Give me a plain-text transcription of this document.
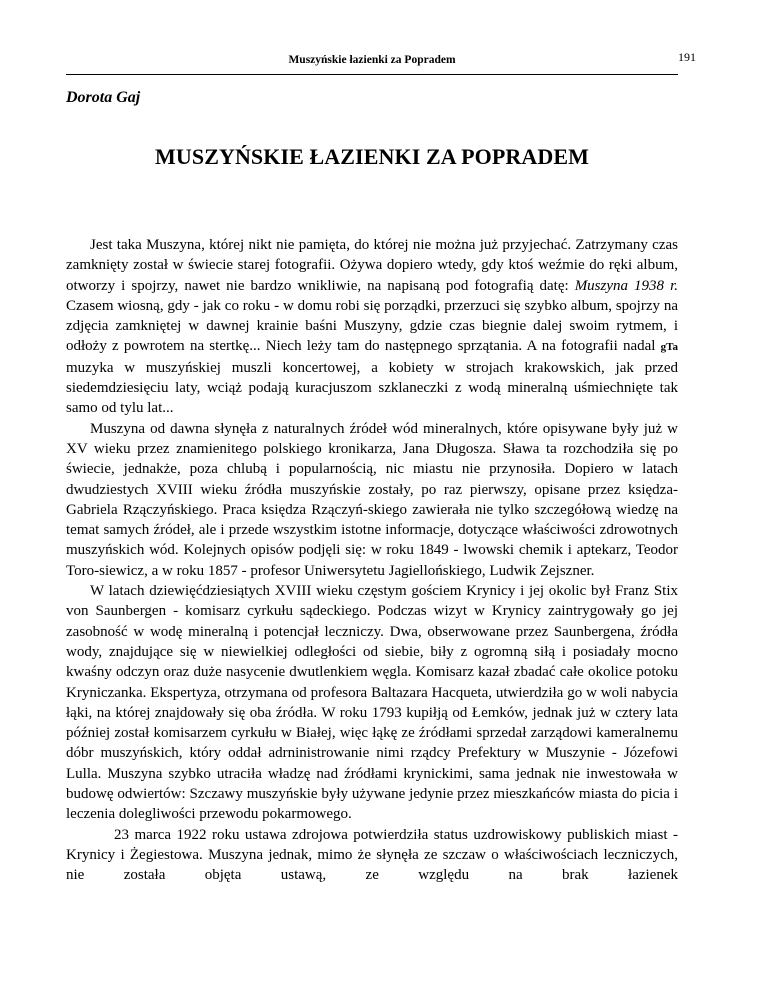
Muszyńskie łazienki za Popradem	191
Dorota Gaj
MUSZYŃSKIE ŁAZIENKI ZA POPRADEM

Jest taka Muszyna, której nikt nie pamięta, do której nie można już przyjechać. Zatrzymany czas zamknięty został w świecie starej fotografii. Ożywa dopiero wtedy, gdy ktoś weźmie do ręki album, otworzy i spojrzy, nawet nie bardzo wnikliwie, na napisaną pod fotografią datę: Muszyna 1938 r. Czasem wiosną, gdy - jak co roku - w domu robi się porządki, przerzuci się szybko album, spojrzy na zdjęcia zamkniętej w dawnej krainie baśni Muszyny, gdzie czas biegnie dalej swoim rytmem, i odłoży z powrotem na stertkę... Niech leży tam do następnego sprzątania. A na fotografii nadal gTa muzyka w muszyńskiej muszli koncertowej, a kobiety w strojach krakowskich, jak przed siedemdziesięciu laty, wciąż podają kuracjuszom szklaneczki z wodą mineralną uśmiechnięte tak samo od tylu lat...

Muszyna od dawna słynęła z naturalnych źródeł wód mineralnych, które opisywane były już w XV wieku przez znamienitego polskiego kronikarza, Jana Długosza. Sława ta rozchodziła się po świecie, jednakże, poza chlubą i popularnością, nic miastu nie przynosiła. Dopiero w latach dwudziestych XVIII wieku źródła muszyńskie zostały, po raz pierwszy, opisane przez księdza-Gabriela Rzączyńskiego. Praca księdza Rzączyń-skiego zawierała nie tylko szczegółową wiedzę na temat samych źródeł, ale i przede wszystkim istotne informacje, dotyczące właściwości zdrowotnych muszyńskich wód. Kolejnych opisów podjęli się: w roku 1849 - lwowski chemik i aptekarz, Teodor Toro-siewicz, a w roku 1857 - profesor Uniwersytetu Jagiellońskiego, Ludwik Zejszner.

W latach dziewięćdziesiątych XVIII wieku częstym gościem Krynicy i jej okolic był Franz Stix von Saunbergen - komisarz cyrkułu sądeckiego. Podczas wizyt w Krynicy zaintrygowały go jej zasobność w wodę mineralną i potencjał leczniczy. Dwa, obserwowane przez Saunbergena, źródła wody, znajdujące się w niewielkiej odległości od siebie, biły z ogromną siłą i posiadały mocno kwaśny odczyn oraz duże nasycenie dwutlenkiem węgla. Komisarz kazał zbadać całe okolice potoku Kryniczanka. Ekspertyza, otrzymana od profesora Baltazara Hacqueta, utwierdziła go w woli nabycia łąki, na której znajdowały się oba źródła. W roku 1793 kupiłją od Łemków, jednak już w cztery lata później został komisarzem cyrkułu w Białej, więc łąkę ze źródłami sprzedał zarządowi kameralnemu dóbr muszyńskich, który oddał adrninistrowanie nimi rządcy Prefektury w Muszynie - Józefowi Lulla. Muszyna szybko utraciła władzę nad źródłami krynickimi, sama jednak nie inwestowała w budowę odwiertów: Szczawy muszyńskie były używane jedynie przez mieszkańców miasta do picia i leczenia dolegliwości przewodu pokarmowego.

23 marca 1922 roku ustawa zdrojowa potwierdziła status uzdrowiskowy publiskich miast - Krynicy i Żegiestowa. Muszyna jednak, mimo że słynęła ze szczaw o właściwościach leczniczych, nie została objęta ustawą, ze względu na brak łazienek
